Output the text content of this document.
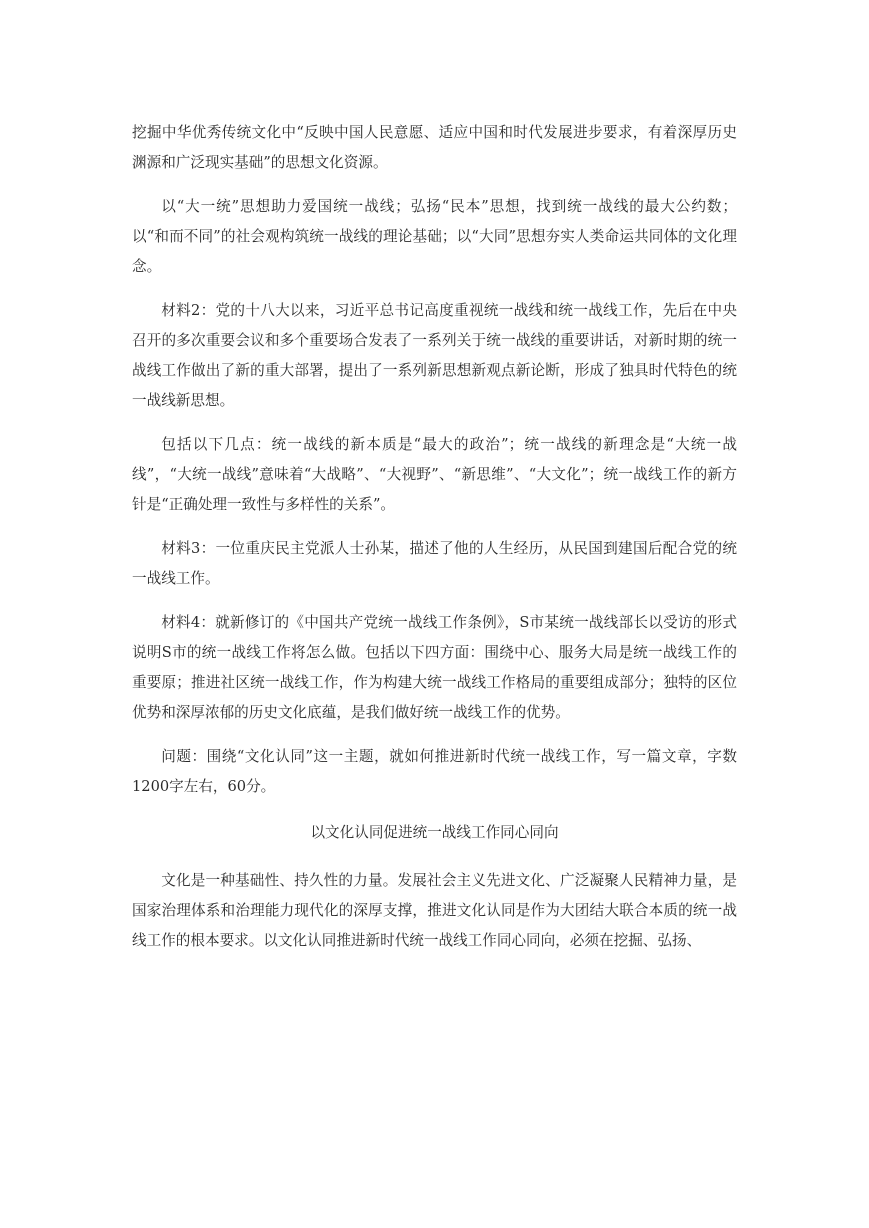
挖掘中华优秀传统文化中“反映中国人民意愿、适应中国和时代发展进步要求，有着深厚历史渊源和广泛现实基础”的思想文化资源。

以“大一统”思想助力爱国统一战线；弘扬“民本”思想，找到统一战线的最大公约数；以“和而不同”的社会观构筑统一战线的理论基础；以“大同”思想夯实人类命运共同体的文化理念。

材料2：党的十八大以来，习近平总书记高度重视统一战线和统一战线工作，先后在中央召开的多次重要会议和多个重要场合发表了一系列关于统一战线的重要讲话，对新时期的统一战线工作做出了新的重大部署，提出了一系列新思想新观点新论断，形成了独具时代特色的统一战线新思想。

包括以下几点：统一战线的新本质是“最大的政治”；统一战线的新理念是“大统一战线”，“大统一战线”意味着“大战略”、“大视野”、“新思维”、“大文化”；统一战线工作的新方针是“正确处理一致性与多样性的关系”。

材料3：一位重庆民主党派人士孙某，描述了他的人生经历，从民国到建国后配合党的统一战线工作。

材料4：就新修订的《中国共产党统一战线工作条例》，S市某统一战线部长以受访的形式说明S市的统一战线工作将怎么做。包括以下四方面：围绕中心、服务大局是统一战线工作的重要原；推进社区统一战线工作，作为构建大统一战线工作格局的重要组成部分；独特的区位优势和深厚浓郁的历史文化底蕴，是我们做好统一战线工作的优势。

问题：围绕“文化认同”这一主题，就如何推进新时代统一战线工作，写一篇文章，字数1200字左右，60分。

以文化认同促进统一战线工作同心同向

文化是一种基础性、持久性的力量。发展社会主义先进文化、广泛凝聚人民精神力量，是国家治理体系和治理能力现代化的深厚支撑，推进文化认同是作为大团结大联合本质的统一战线工作的根本要求。以文化认同推进新时代统一战线工作同心同向，必须在挖掘、弘扬、
